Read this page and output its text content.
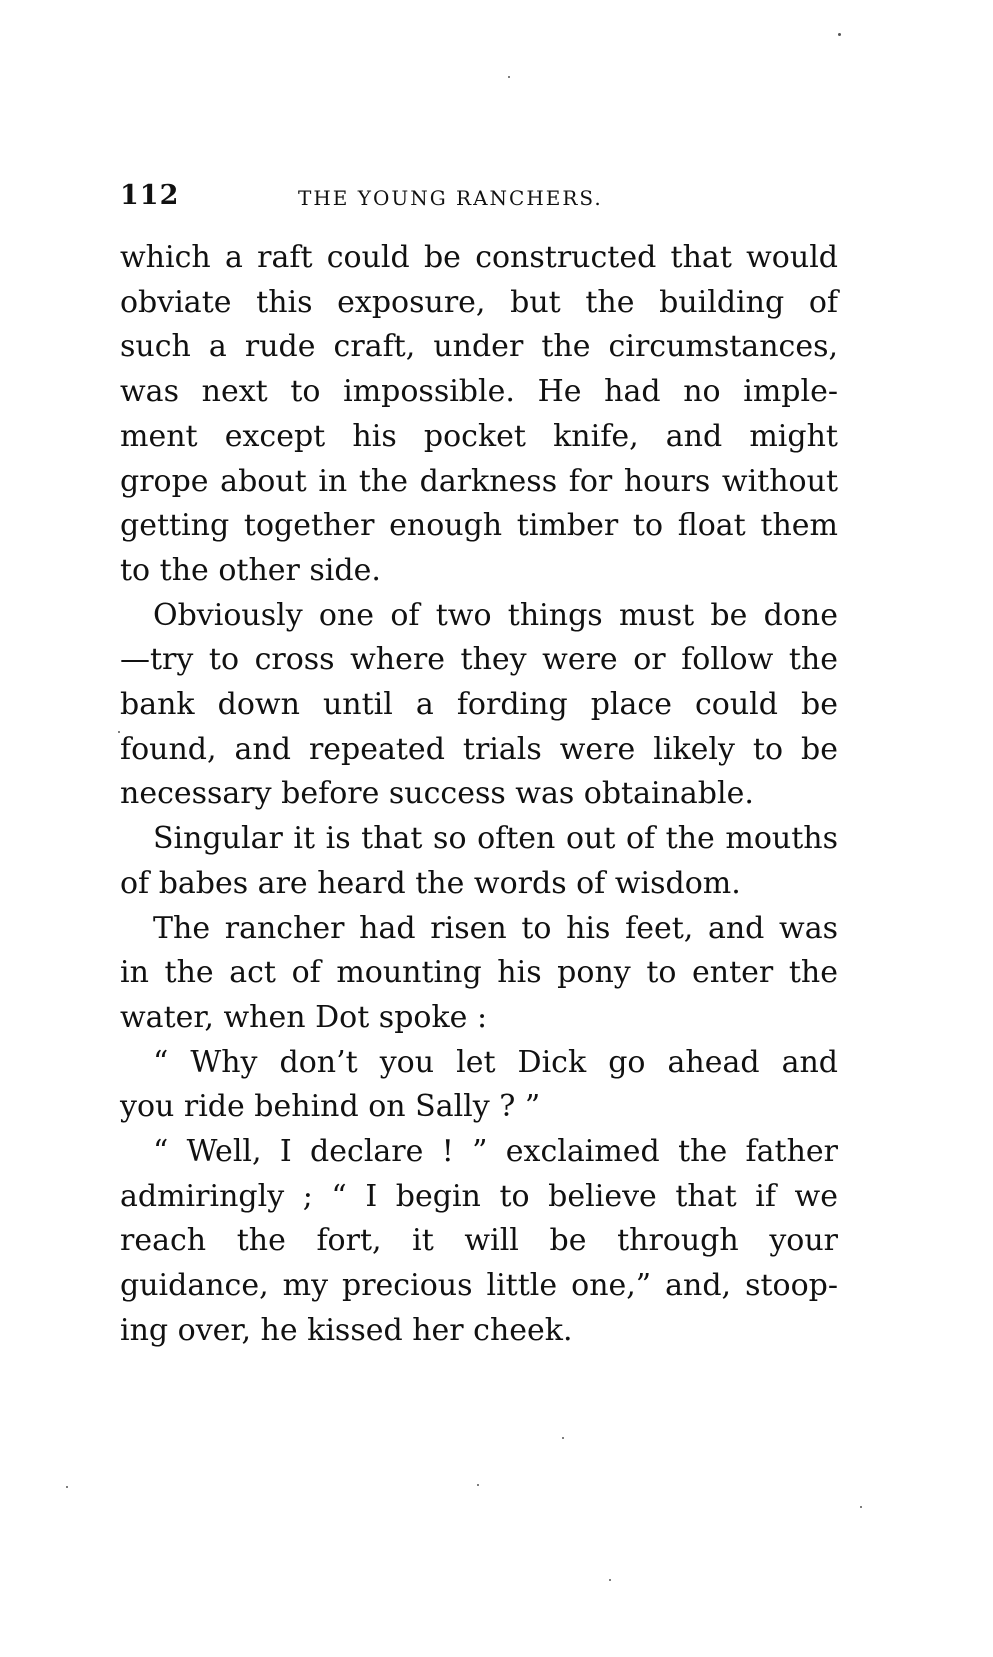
112	THE YOUNG RANCHERS.

which a raft could be constructed that would
obviate this exposure, but the building of
such a rude craft, under the circumstances,
was next to impossible. He had no imple-
ment except his pocket knife, and might
grope about in the darkness for hours without
getting together enough timber to float them
to the other side.

Obviously one of two things must be done
—try to cross where they were or follow the
bank down until a fording place could be
found, and repeated trials were likely to be
necessary before success was obtainable.

Singular it is that so often out of the mouths
of babes are heard the words of wisdom.

The rancher had risen to his feet, and was
in the act of mounting his pony to enter the
water, when Dot spoke :

“ Why don’t you let Dick go ahead and
you ride behind on Sally ? ”

“ Well, I declare ! ” exclaimed the father
admiringly ; “ I begin to believe that if we
reach the fort, it will be through your
guidance, my precious little one,” and, stoop-
ing over, he kissed her cheek.
